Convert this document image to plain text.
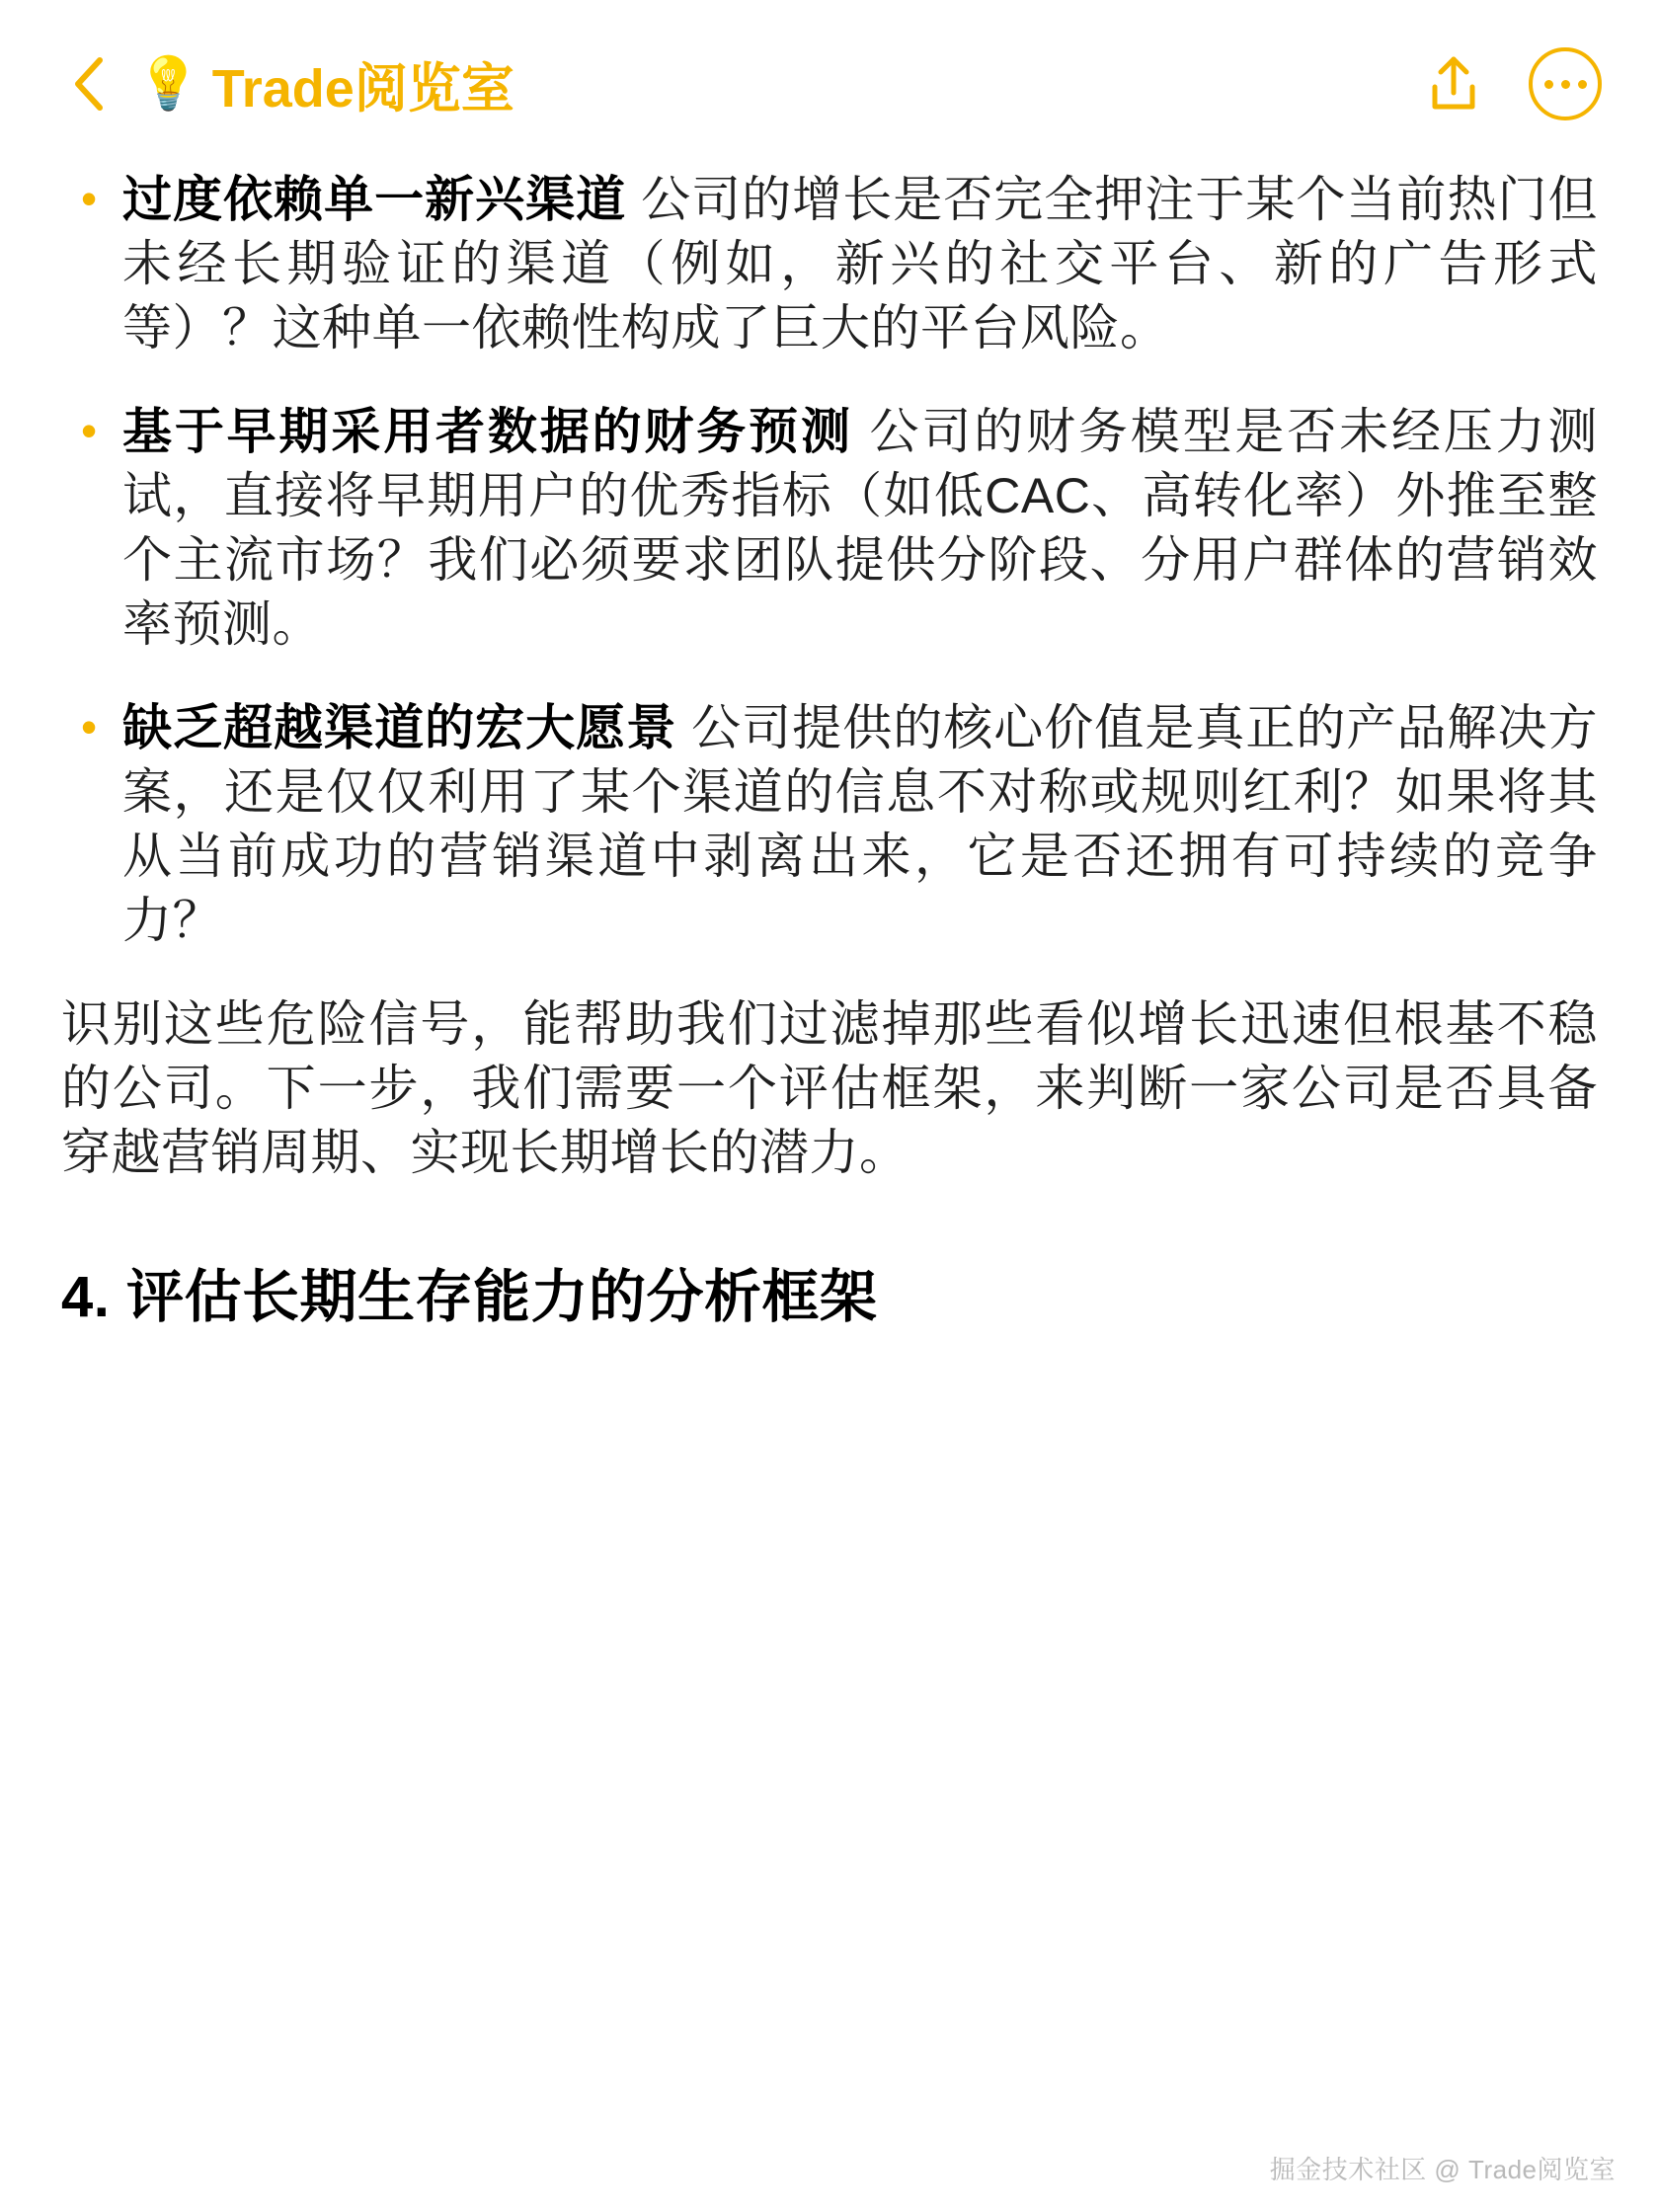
💡 Trade阅览室
• 过度依赖单一新兴渠道 公司的增长是否完全押注于某个当前热门但未经长期验证的渠道（例如，新兴的社交平台、新的广告形式等）？这种单一依赖性构成了巨大的平台风险。
• 基于早期采用者数据的财务预测 公司的财务模型是否未经压力测试，直接将早期用户的优秀指标（如低CAC、高转化率）外推至整个主流市场？我们必须要求团队提供分阶段、分用户群体的营销效率预测。
• 缺乏超越渠道的宏大愿景 公司提供的核心价值是真正的产品解决方案，还是仅仅利用了某个渠道的信息不对称或规则红利？如果将其从当前成功的营销渠道中剥离出来，它是否还拥有可持续的竞争力？

识别这些危险信号，能帮助我们过滤掉那些看似增长迅速但根基不稳的公司。下一步，我们需要一个评估框架，来判断一家公司是否具备穿越营销周期、实现长期增长的潜力。

4. 评估长期生存能力的分析框架
掘金技术社区 @ Trade阅览室
